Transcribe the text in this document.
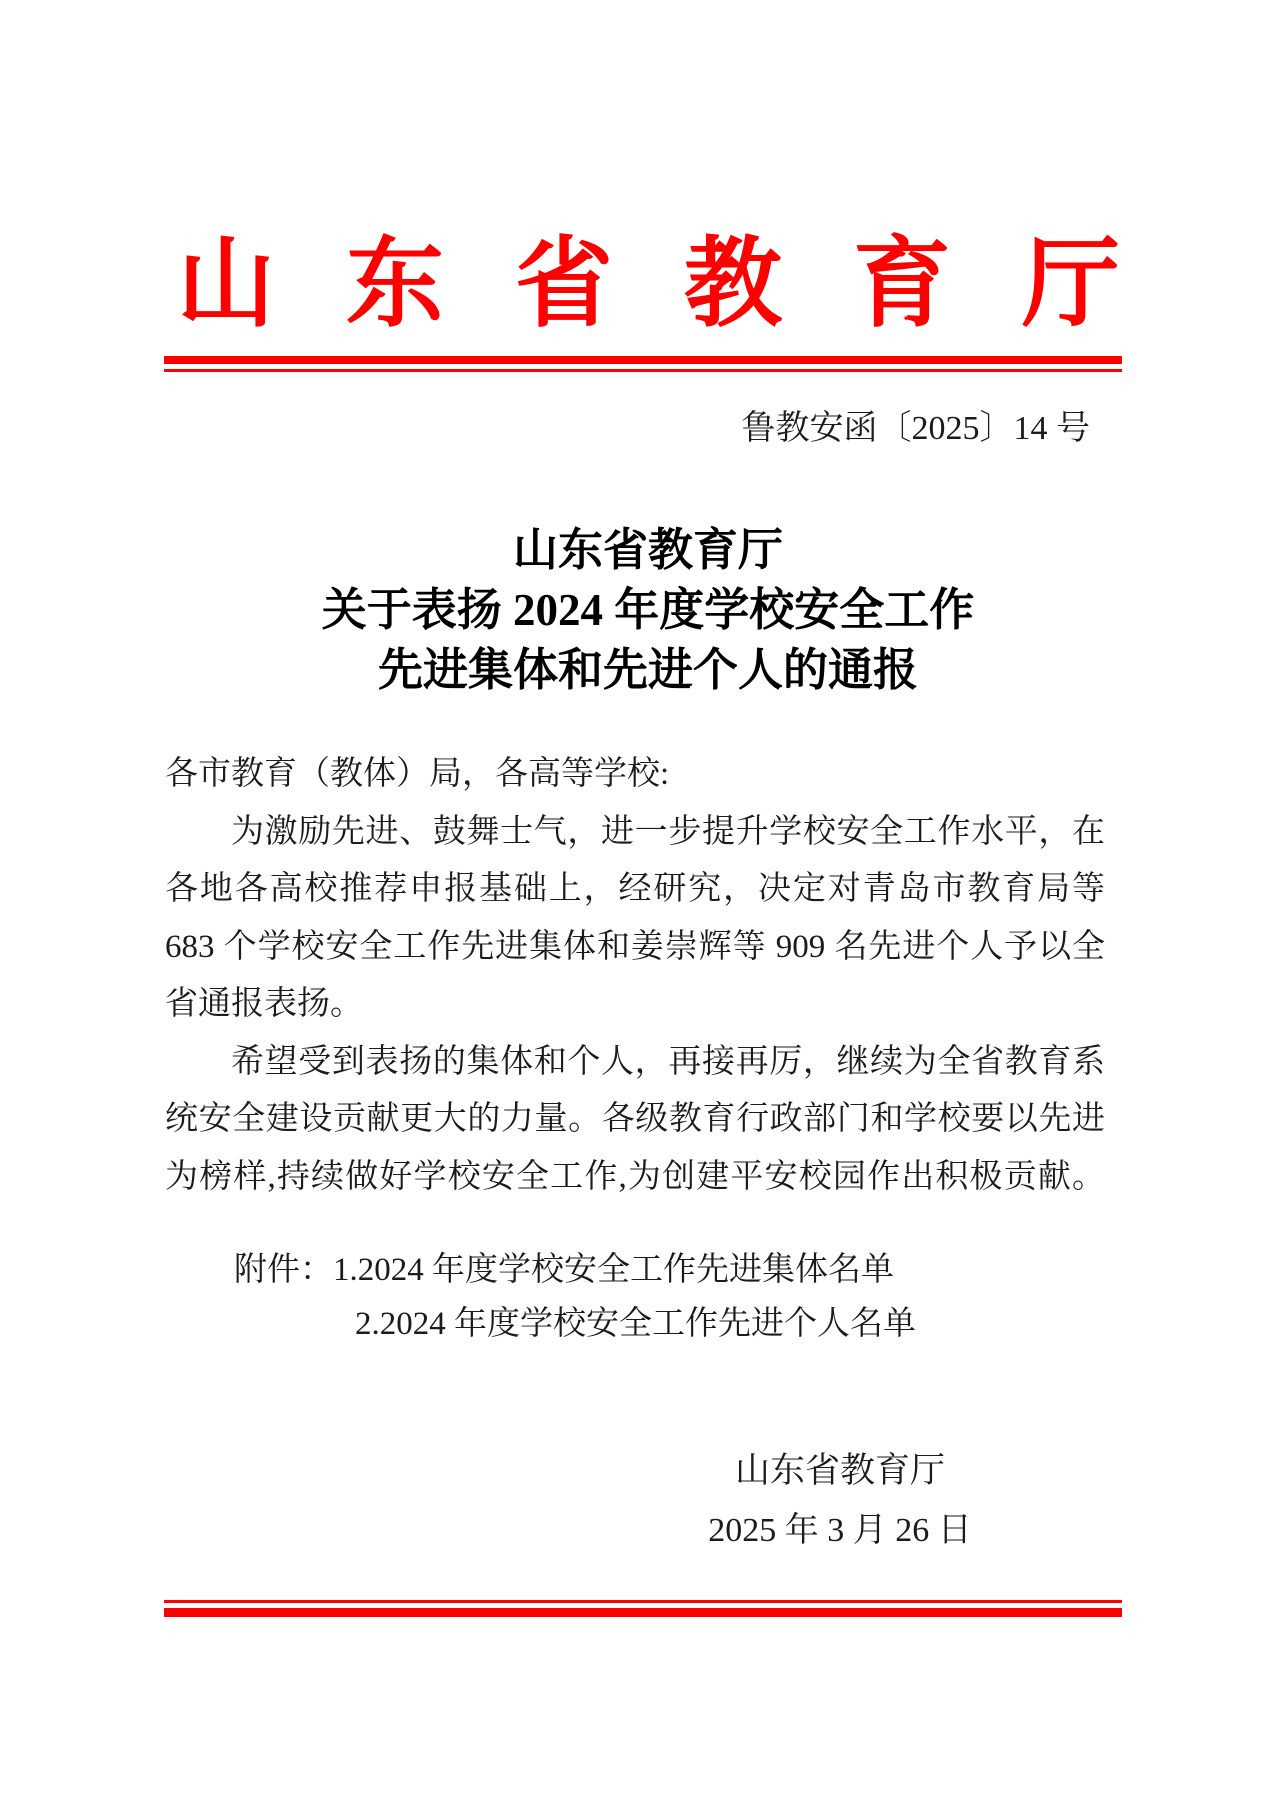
山东省教育厅
鲁教安函〔2025〕14 号
山东省教育厅
关于表扬 2024 年度学校安全工作
先进集体和先进个人的通报
各市教育（教体）局，各高等学校:
为激励先进、鼓舞士气，进一步提升学校安全工作水平，在
各地各高校推荐申报基础上，经研究，决定对青岛市教育局等
683 个学校安全工作先进集体和姜崇辉等 909 名先进个人予以全
省通报表扬。
希望受到表扬的集体和个人，再接再厉，继续为全省教育系
统安全建设贡献更大的力量。各级教育行政部门和学校要以先进
为榜样,持续做好学校安全工作,为创建平安校园作出积极贡献。
附件：1.2024 年度学校安全工作先进集体名单
2.2024 年度学校安全工作先进个人名单
山东省教育厅
2025 年 3 月 26 日
